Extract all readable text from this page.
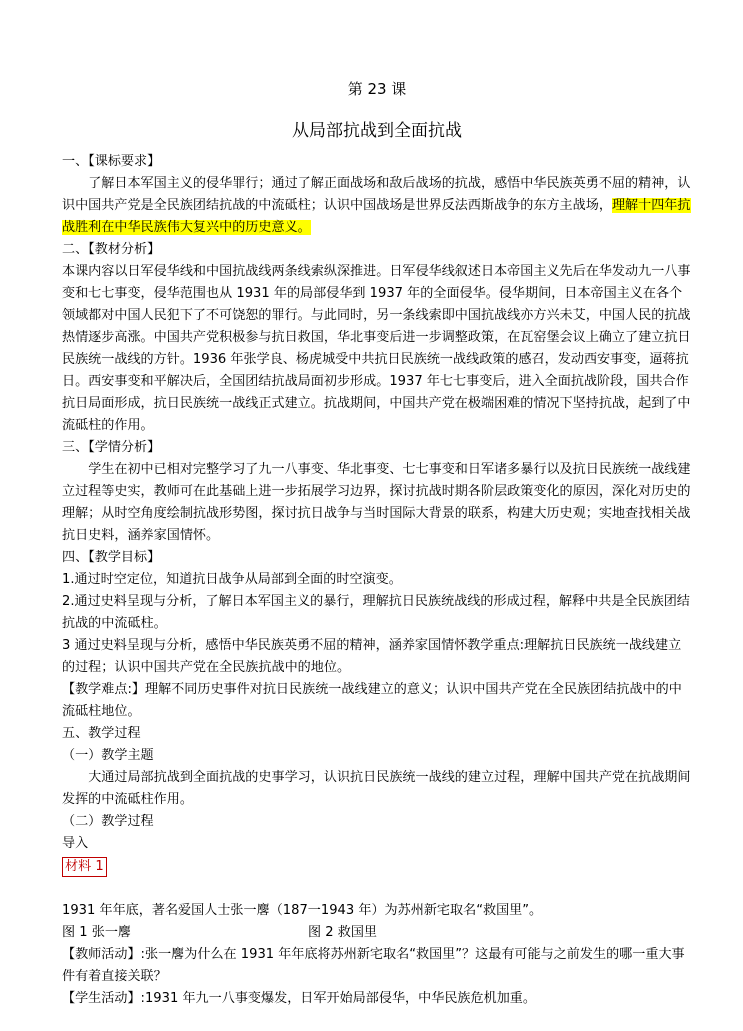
第 23 课
从局部抗战到全面抗战

一、【课标要求】

了解日本军国主义的侵华罪行；通过了解正面战场和敌后战场的抗战，感悟中华民族英勇不屈的精神，认识中国共产党是全民族团结抗战的中流砥柱；认识中国战场是世界反法西斯战争的东方主战场，理解十四年抗战胜利在中华民族伟大复兴中的历史意义。

二、【教材分析】

本课内容以日军侵华线和中国抗战线两条线索纵深推进。日军侵华线叙述日本帝国主义先后在华发动九一八事变和七七事变，侵华范围也从 1931 年的局部侵华到 1937 年的全面侵华。侵华期间，日本帝国主义在各个领域都对中国人民犯下了不可饶恕的罪行。与此同时，另一条线索即中国抗战线亦方兴未艾，中国人民的抗战热情逐步高涨。中国共产党积极参与抗日救国，华北事变后进一步调整政策，在瓦窑堡会议上确立了建立抗日民族统一战线的方针。1936 年张学良、杨虎城受中共抗日民族统一战线政策的感召，发动西安事变，逼蒋抗日。西安事变和平解决后，全国团结抗战局面初步形成。1937 年七七事变后，进入全面抗战阶段，国共合作抗日局面形成，抗日民族统一战线正式建立。抗战期间，中国共产党在极端困难的情况下坚持抗战，起到了中流砥柱的作用。

三、【学情分析】

学生在初中已相对完整学习了九一八事变、华北事变、七七事变和日军诸多暴行以及抗日民族统一战线建立过程等史实，教师可在此基础上进一步拓展学习边界，探讨抗战时期各阶层政策变化的原因，深化对历史的理解；从时空角度绘制抗战形势图，探讨抗日战争与当时国际大背景的联系，构建大历史观；实地查找相关战抗日史料，涵养家国情怀。

四、【教学目标】

1.通过时空定位，知道抗日战争从局部到全面的时空演变。

2.通过史料呈现与分析，了解日本军国主义的暴行，理解抗日民族统战线的形成过程，解释中共是全民族团结抗战的中流砥柱。

3 通过史料呈现与分析，感悟中华民族英勇不屈的精神，涵养家国情怀教学重点:理解抗日民族统一战线建立的过程；认识中国共产党在全民族抗战中的地位。

【教学难点:】理解不同历史事件对抗日民族统一战线建立的意义；认识中国共产党在全民族团结抗战中的中流砥柱地位。

五、教学过程

（一）教学主题

大通过局部抗战到全面抗战的史事学习，认识抗日民族统一战线的建立过程，理解中国共产党在抗战期间发挥的中流砥柱作用。

（二）教学过程

导入

材料 1

1931 年年底，著名爱国人士张一麐（187一1943 年）为苏州新宅取名“救国里”。

图 1 张一麐	图 2 救国里

【教师活动】:张一麐为什么在 1931 年年底将苏州新宅取名“救国里”？这最有可能与之前发生的哪一重大事件有着直接关联？

【学生活动】:1931 年九一八事变爆发，日军开始局部侵华，中华民族危机加重。
